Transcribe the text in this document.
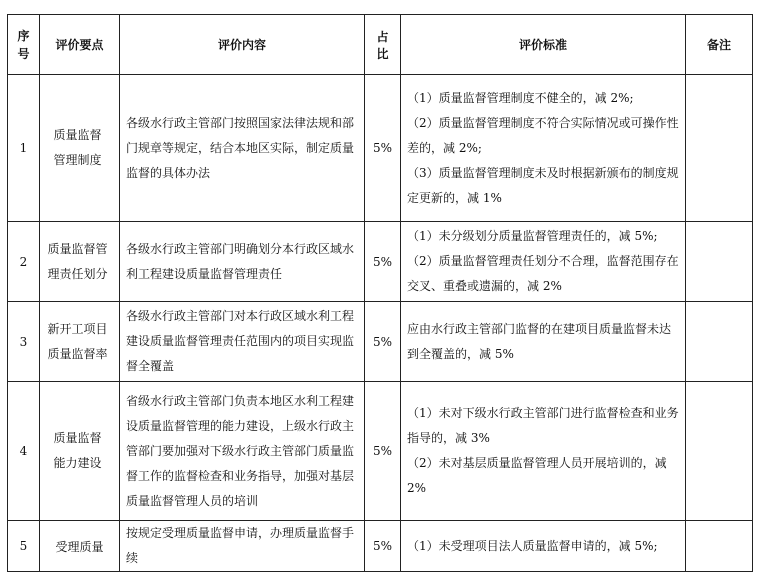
序号	评价要点	评价内容	占比	评价标准	备注
1	质量监督管理制度	各级水行政主管部门按照国家法律法规和部门规章等规定，结合本地区实际，制定质量监督的具体办法	5%	（1）质量监督管理制度不健全的，减 2%;
（2）质量监督管理制度不符合实际情况或可操作性差的，减 2%;
（3）质量监督管理制度未及时根据新颁布的制度规定更新的，减 1%	

2	质量监督管理责任划分	各级水行政主管部门明确划分本行政区域水利工程建设质量监督管理责任	5%	（1）未分级划分质量监督管理责任的，减 5%;
（2）质量监督管理责任划分不合理，监督范围存在交叉、重叠或遗漏的，减 2%	

3	新开工项目质量监督率	各级水行政主管部门对本行政区域水利工程建设质量监督管理责任范围内的项目实现监督全覆盖	5%	应由水行政主管部门监督的在建项目质量监督未达到全覆盖的，减 5%	

4	质量监督能力建设	省级水行政主管部门负责本地区水利工程建设质量监督管理的能力建设，上级水行政主管部门要加强对下级水行政主管部门质量监督工作的监督检查和业务指导，加强对基层质量监督管理人员的培训	5%	（1）未对下级水行政主管部门进行监督检查和业务指导的，减 3%
（2）未对基层质量监督管理人员开展培训的，减 2%	

5	受理质量	按规定受理质量监督申请，办理质量监督手续	5%	（1）未受理项目法人质量监督申请的，减 5%;	
